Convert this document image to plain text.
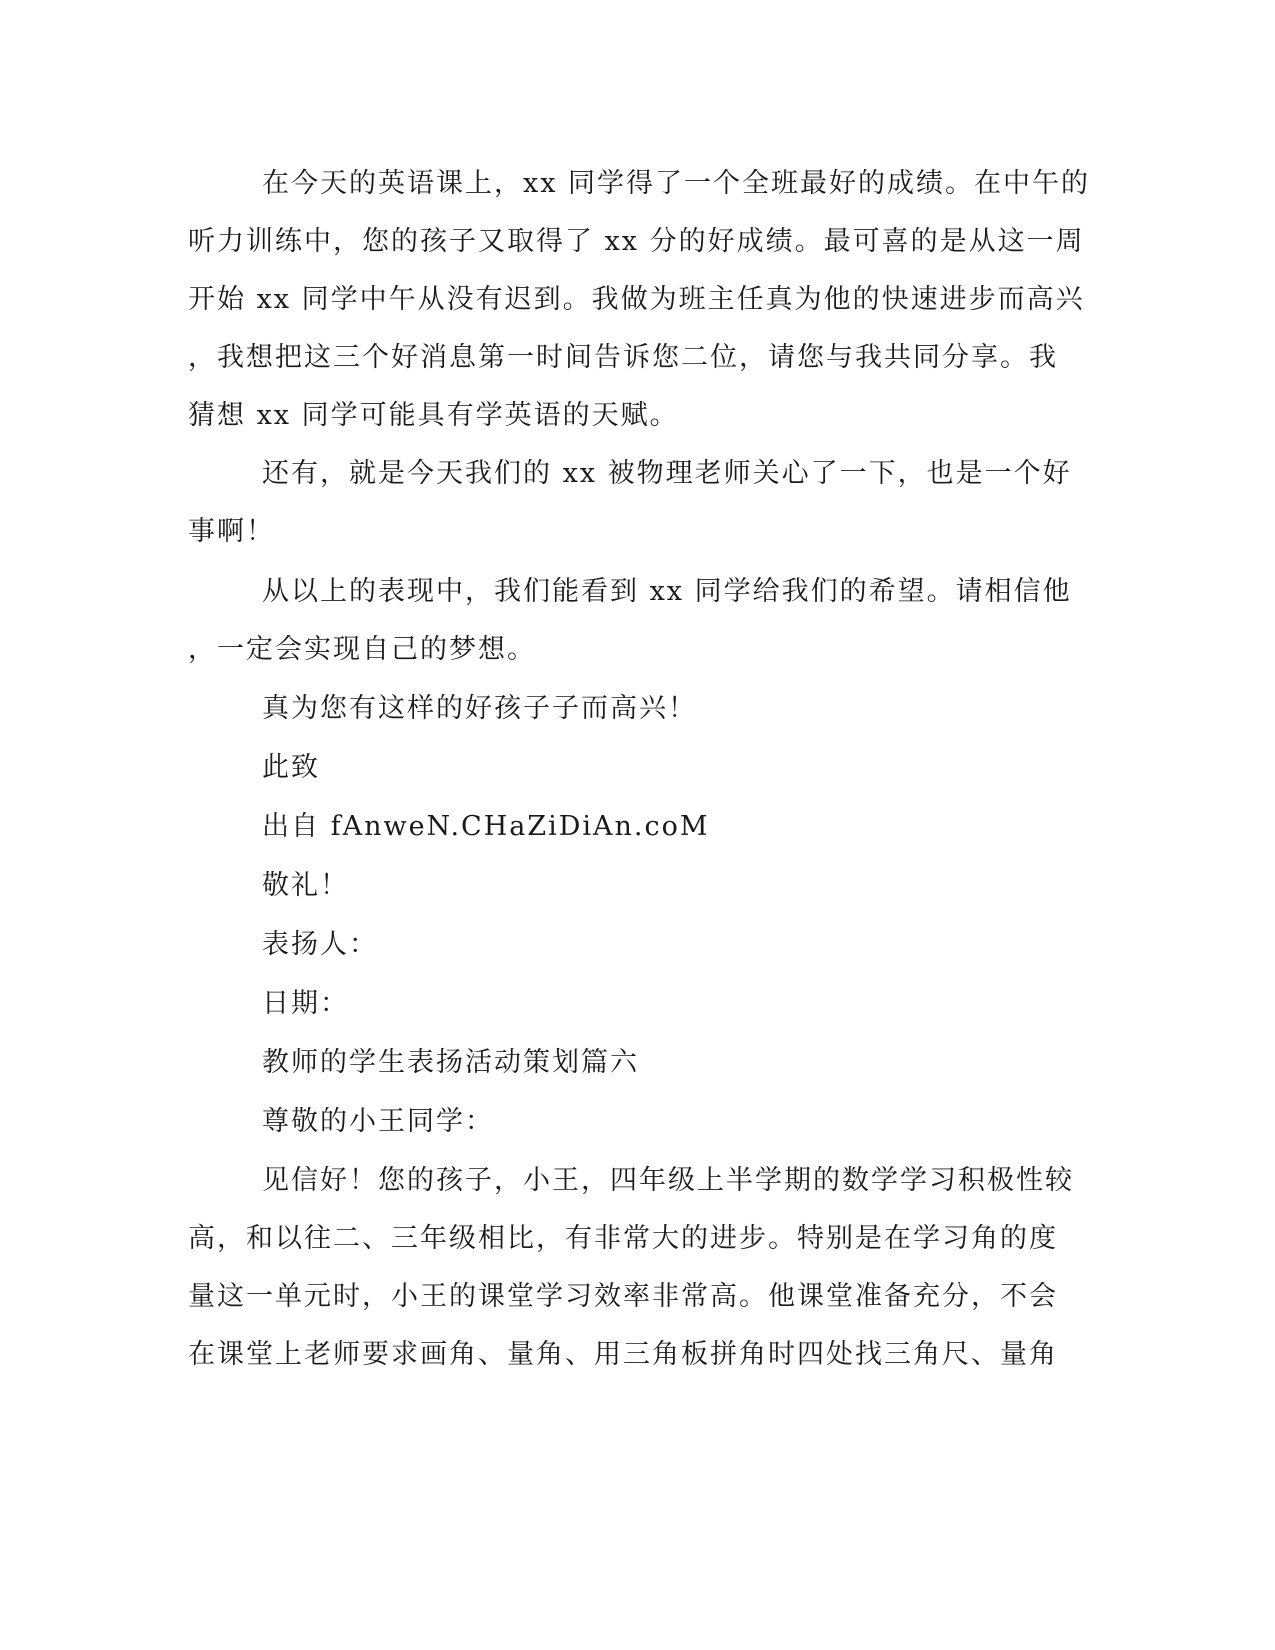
在今天的英语课上，xx 同学得了一个全班最好的成绩。在中午的
听力训练中，您的孩子又取得了 xx 分的好成绩。最可喜的是从这一周
开始 xx 同学中午从没有迟到。我做为班主任真为他的快速进步而高兴
，我想把这三个好消息第一时间告诉您二位，请您与我共同分享。我
猜想 xx 同学可能具有学英语的天赋。
还有，就是今天我们的 xx 被物理老师关心了一下，也是一个好
事啊！
从以上的表现中，我们能看到 xx 同学给我们的希望。请相信他
，一定会实现自己的梦想。
真为您有这样的好孩子子而高兴！
此致
出自 fAnweN.CHaZiDiAn.coM
敬礼！
表扬人：
日期：
教师的学生表扬活动策划篇六
尊敬的小王同学：
见信好！您的孩子，小王，四年级上半学期的数学学习积极性较
高，和以往二、三年级相比，有非常大的进步。特别是在学习角的度
量这一单元时，小王的课堂学习效率非常高。他课堂准备充分，不会
在课堂上老师要求画角、量角、用三角板拼角时四处找三角尺、量角
